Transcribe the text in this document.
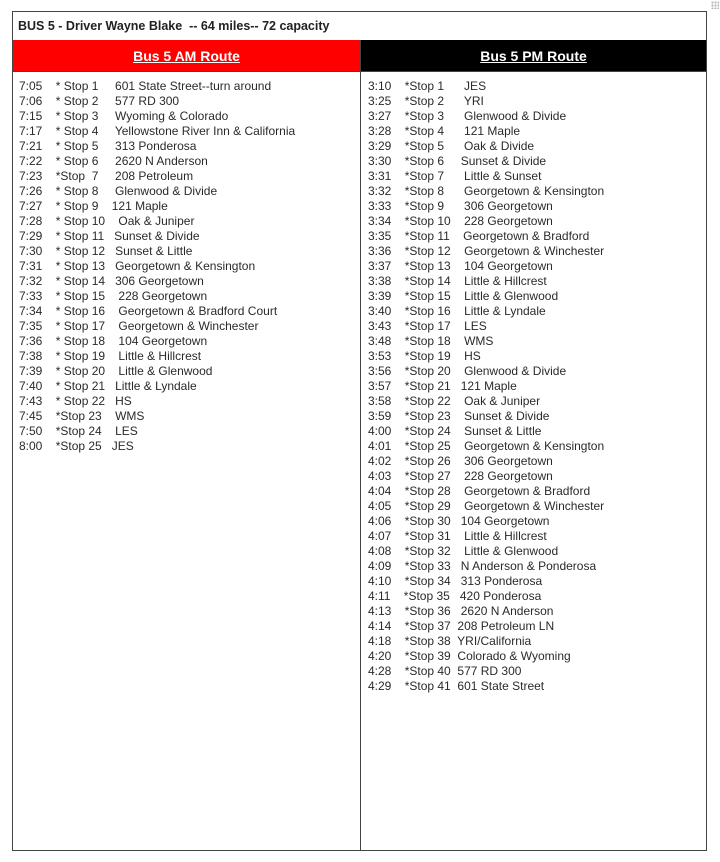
BUS 5 - Driver Wayne Blake  -- 64 miles-- 72 capacity
Bus 5 AM Route
7:05    * Stop 1     601 State Street--turn around
7:06    * Stop 2     577 RD 300
7:15    * Stop 3     Wyoming & Colorado
7:17    * Stop 4     Yellowstone River Inn & California
7:21    * Stop 5     313 Ponderosa
7:22    * Stop 6     2620 N Anderson
7:23    *Stop  7     208 Petroleum
7:26    * Stop 8     Glenwood & Divide
7:27    * Stop 9    121 Maple
7:28    * Stop 10    Oak & Juniper
7:29    * Stop 11   Sunset & Divide
7:30    * Stop 12   Sunset & Little
7:31    * Stop 13   Georgetown & Kensington
7:32    * Stop 14   306 Georgetown
7:33    * Stop 15    228 Georgetown
7:34    * Stop 16    Georgetown & Bradford Court
7:35    * Stop 17    Georgetown & Winchester
7:36    * Stop 18    104 Georgetown
7:38    * Stop 19    Little & Hillcrest
7:39    * Stop 20    Little & Glenwood
7:40    * Stop 21   Little & Lyndale
7:43    * Stop 22   HS
7:45    *Stop 23    WMS
7:50    *Stop 24    LES
8:00    *Stop 25   JES
Bus 5 PM Route
3:10    *Stop 1      JES
3:25    *Stop 2      YRI
3:27    *Stop 3      Glenwood & Divide
3:28    *Stop 4      121 Maple
3:29    *Stop 5      Oak & Divide
3:30    *Stop 6     Sunset & Divide
3:31    *Stop 7      Little & Sunset
3:32    *Stop 8      Georgetown & Kensington
3:33    *Stop 9      306 Georgetown
3:34    *Stop 10    228 Georgetown
3:35    *Stop 11    Georgetown & Bradford
3:36    *Stop 12    Georgetown & Winchester
3:37    *Stop 13    104 Georgetown
3:38    *Stop 14    Little & Hillcrest
3:39    *Stop 15    Little & Glenwood
3:40    *Stop 16    Little & Lyndale
3:43    *Stop 17    LES
3:48    *Stop 18    WMS
3:53    *Stop 19    HS
3:56    *Stop 20    Glenwood & Divide
3:57    *Stop 21   121 Maple
3:58    *Stop 22    Oak & Juniper
3:59    *Stop 23    Sunset & Divide
4:00    *Stop 24    Sunset & Little
4:01    *Stop 25    Georgetown & Kensington
4:02    *Stop 26    306 Georgetown
4:03    *Stop 27    228 Georgetown
4:04    *Stop 28    Georgetown & Bradford
4:05    *Stop 29    Georgetown & Winchester
4:06    *Stop 30   104 Georgetown
4:07    *Stop 31    Little & Hillcrest
4:08    *Stop 32    Little & Glenwood
4:09    *Stop 33   N Anderson & Ponderosa
4:10    *Stop 34   313 Ponderosa
4:11    *Stop 35   420 Ponderosa
4:13    *Stop 36   2620 N Anderson
4:14    *Stop 37  208 Petroleum LN
4:18    *Stop 38  YRI/California
4:20    *Stop 39  Colorado & Wyoming
4:28    *Stop 40  577 RD 300
4:29    *Stop 41  601 State Street
